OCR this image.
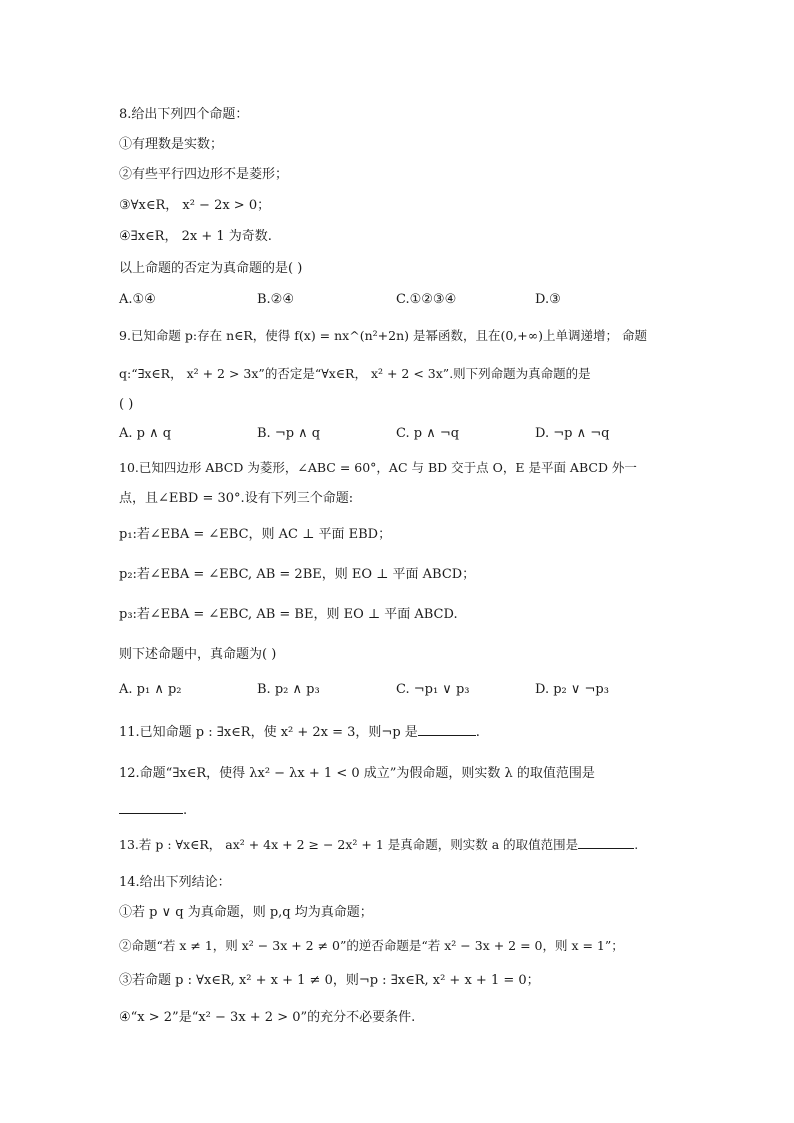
8.给出下列四个命题：
①有理数是实数；
②有些平行四边形不是菱形；
③∀x∈R， x² − 2x > 0；
④∃x∈R， 2x + 1 为奇数.
以上命题的否定为真命题的是( )
A.①④	B.②④	C.①②③④	D.③
9.已知命题 p:存在 n∈R，使得 f(x) = nx^(n²+2n) 是幂函数，且在(0,+∞)上单调递增； 命题
q:“∃x∈R， x² + 2 > 3x”的否定是“∀x∈R， x² + 2 < 3x”.则下列命题为真命题的是
( )
A. p ∧ q	B. ¬p ∧ q	C. p ∧ ¬q	D. ¬p ∧ ¬q
10.已知四边形 ABCD 为菱形，∠ABC = 60°，AC 与 BD 交于点 O，E 是平面 ABCD 外一
点，且∠EBD = 30°.设有下列三个命题:
p₁:若∠EBA = ∠EBC，则 AC ⊥ 平面 EBD；
p₂:若∠EBA = ∠EBC, AB = 2BE，则 EO ⊥ 平面 ABCD；
p₃:若∠EBA = ∠EBC, AB = BE，则 EO ⊥ 平面 ABCD.
则下述命题中，真命题为( )
A. p₁ ∧ p₂	B. p₂ ∧ p₃	C. ¬p₁ ∨ p₃	D. p₂ ∨ ¬p₃
11.已知命题 p : ∃x∈R，使 x² + 2x = 3，则¬p 是	.
12.命题“∃x∈R，使得 λx² − λx + 1 < 0 成立”为假命题，则实数 λ 的取值范围是
.
13.若 p : ∀x∈R， ax² + 4x + 2 ≥ − 2x² + 1 是真命题，则实数 a 的取值范围是	.
14.给出下列结论：
①若 p ∨ q 为真命题，则 p,q 均为真命题；
②命题“若 x ≠ 1，则 x² − 3x + 2 ≠ 0”的逆否命题是“若 x² − 3x + 2 = 0，则 x = 1”；
③若命题 p : ∀x∈R, x² + x + 1 ≠ 0，则¬p : ∃x∈R, x² + x + 1 = 0；
④“x > 2”是“x² − 3x + 2 > 0”的充分不必要条件.
